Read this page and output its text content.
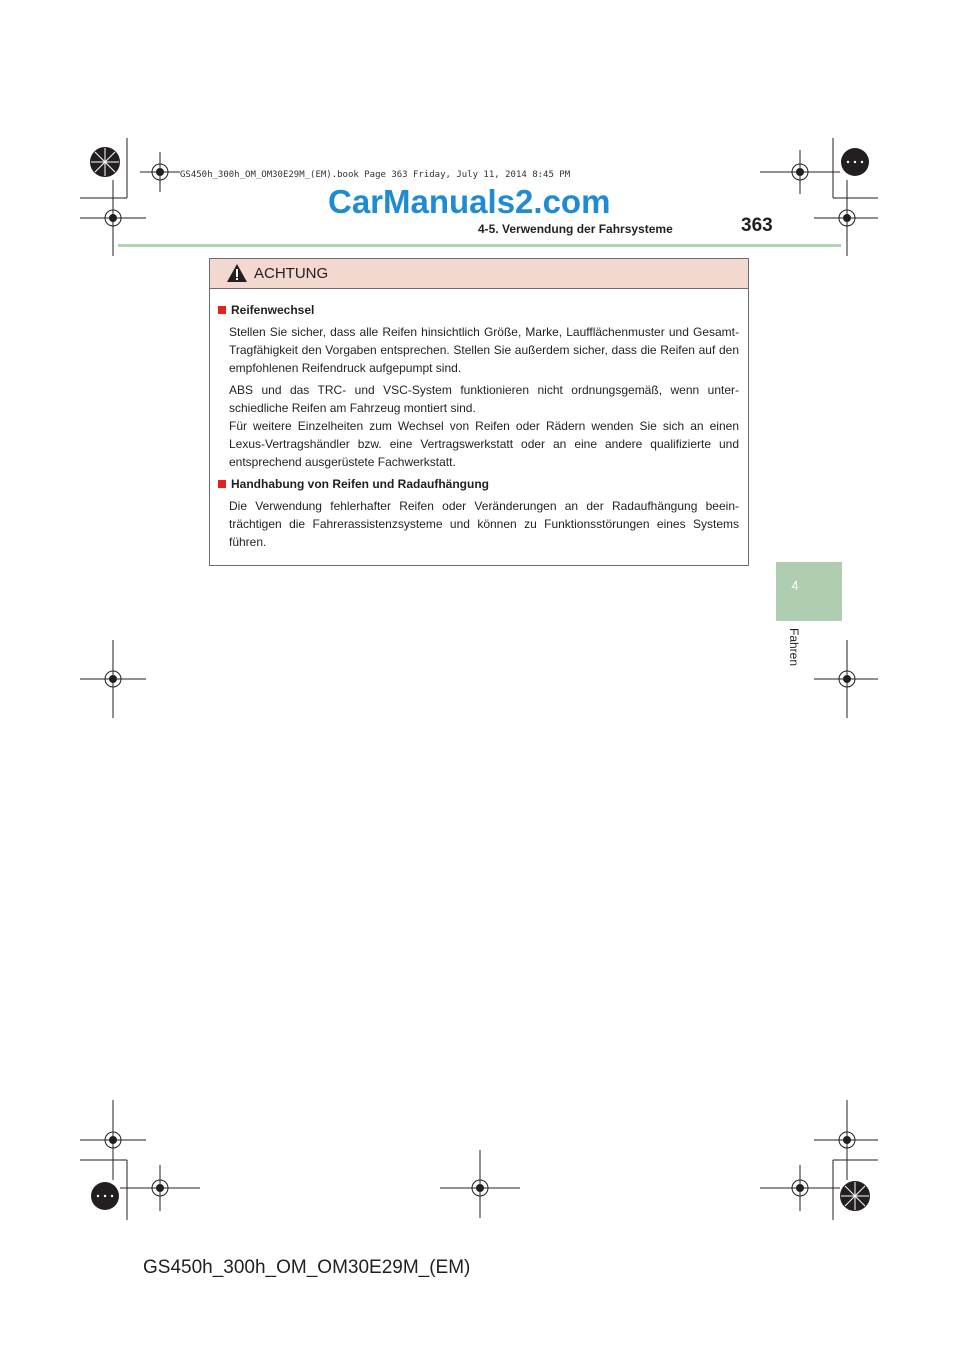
GS450h_300h_OM_OM30E29M_(EM).book Page 363 Friday, July 11, 2014 8:45 PM
CarManuals2.com
4-5. Verwendung der Fahrsysteme	363
4
Fahren
ACHTUNG
Reifenwechsel
Stellen Sie sicher, dass alle Reifen hinsichtlich Größe, Marke, Laufflächenmuster und Gesamt-Tragfähigkeit den Vorgaben entsprechen. Stellen Sie außerdem sicher, dass die Reifen auf den empfohlenen Reifendruck aufgepumpt sind.
ABS und das TRC- und VSC-System funktionieren nicht ordnungsgemäß, wenn unter-schiedliche Reifen am Fahrzeug montiert sind.
Für weitere Einzelheiten zum Wechsel von Reifen oder Rädern wenden Sie sich an einen Lexus-Vertragshändler bzw. eine Vertragswerkstatt oder an eine andere qualifizierte und entsprechend ausgerüstete Fachwerkstatt.
Handhabung von Reifen und Radaufhängung
Die Verwendung fehlerhafter Reifen oder Veränderungen an der Radaufhängung beein-trächtigen die Fahrerassistenzsysteme und können zu Funktionsstörungen eines Systems führen.
GS450h_300h_OM_OM30E29M_(EM)
